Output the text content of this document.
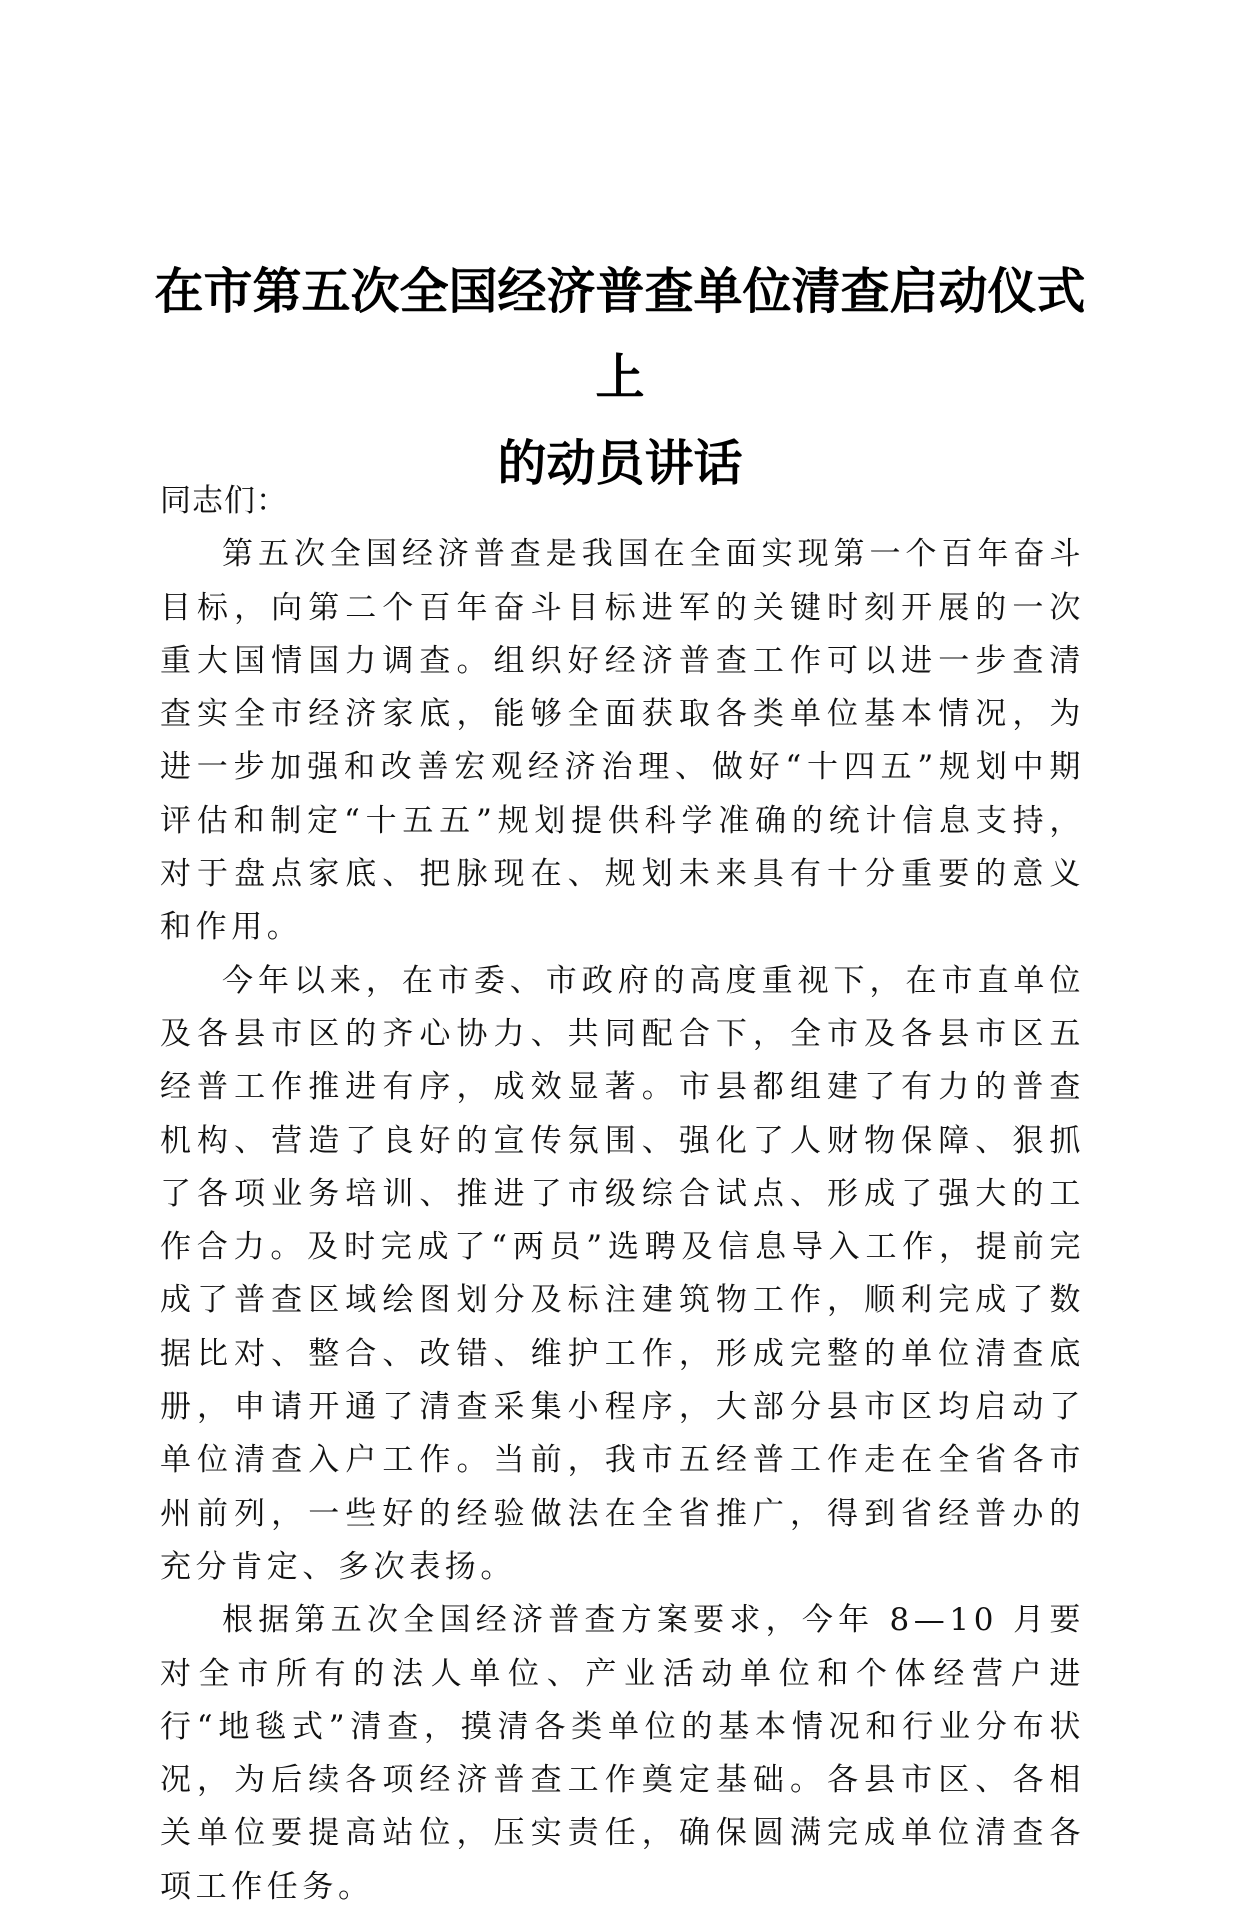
在市第五次全国经济普查单位清查启动仪式上
的动员讲话

同志们：

第五次全国经济普查是我国在全面实现第一个百年奋斗目标，向第二个百年奋斗目标进军的关键时刻开展的一次重大国情国力调查。组织好经济普查工作可以进一步查清查实全市经济家底，能够全面获取各类单位基本情况，为进一步加强和改善宏观经济治理、做好“十四五”规划中期评估和制定“十五五”规划提供科学准确的统计信息支持，对于盘点家底、把脉现在、规划未来具有十分重要的意义和作用。

今年以来，在市委、市政府的高度重视下，在市直单位及各县市区的齐心协力、共同配合下，全市及各县市区五经普工作推进有序，成效显著。市县都组建了有力的普查机构、营造了良好的宣传氛围、强化了人财物保障、狠抓了各项业务培训、推进了市级综合试点、形成了强大的工作合力。及时完成了“两员”选聘及信息导入工作，提前完成了普查区域绘图划分及标注建筑物工作，顺利完成了数据比对、整合、改错、维护工作，形成完整的单位清查底册，申请开通了清查采集小程序，大部分县市区均启动了单位清查入户工作。当前，我市五经普工作走在全省各市州前列，一些好的经验做法在全省推广，得到省经普办的充分肯定、多次表扬。

根据第五次全国经济普查方案要求，今年 8—10 月要对全市所有的法人单位、产业活动单位和个体经营户进行“地毯式”清查，摸清各类单位的基本情况和行业分布状况，为后续各项经济普查工作奠定基础。各县市区、各相关单位要提高站位，压实责任，确保圆满完成单位清查各项工作任务。
